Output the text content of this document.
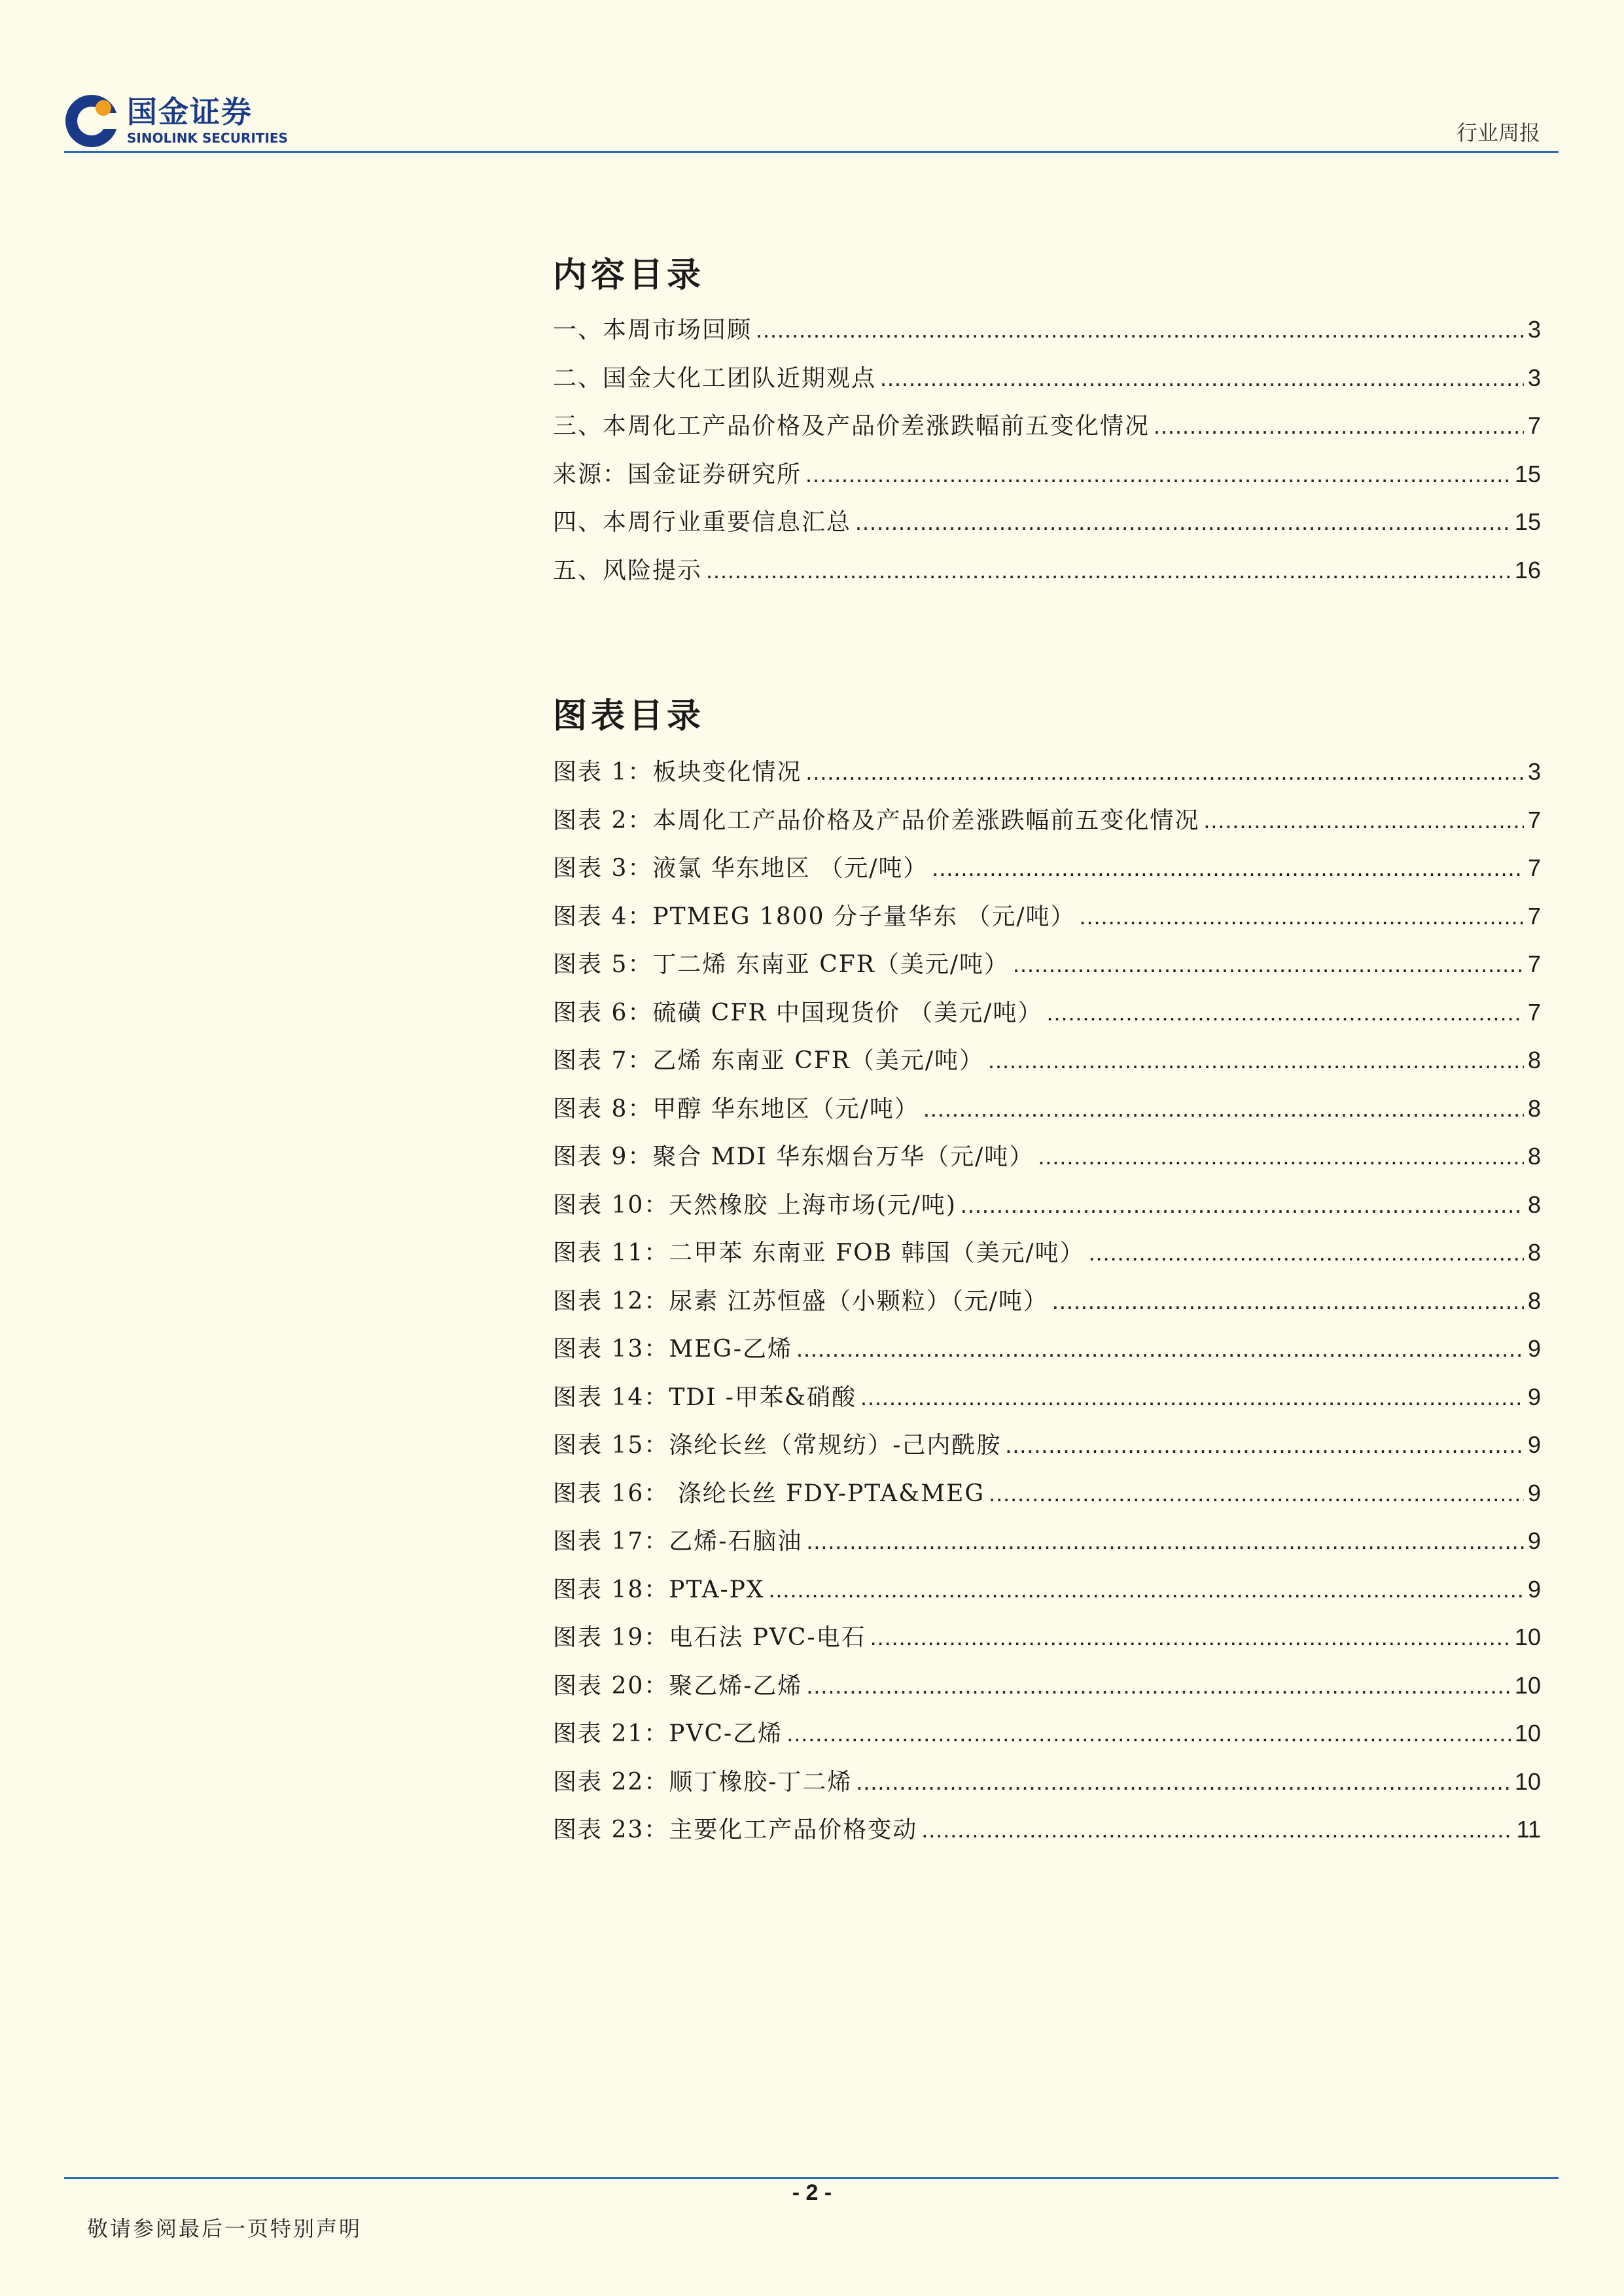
国金证券
SINOLINK SECURITIES	行业周报
内容目录
一、本周市场回顾 .....	3
二、国金大化工团队近期观点 .....	3
三、本周化工产品价格及产品价差涨跌幅前五变化情况 .....	7
来源：国金证券研究所 .....	15
四、本周行业重要信息汇总 .....	15
五、风险提示 .....	16
图表目录
图表 1：板块变化情况 .....	3
图表 2：本周化工产品价格及产品价差涨跌幅前五变化情况 .....	7
图表 3：液氯 华东地区 （元/吨） .....	7
图表 4：PTMEG 1800 分子量华东 （元/吨） .....	7
图表 5：丁二烯 东南亚 CFR（美元/吨） .....	7
图表 6：硫磺 CFR 中国现货价 （美元/吨） .....	7
图表 7：乙烯 东南亚 CFR（美元/吨） .....	8
图表 8：甲醇 华东地区（元/吨） .....	8
图表 9：聚合 MDI 华东烟台万华（元/吨） .....	8
图表 10：天然橡胶 上海市场(元/吨) .....	8
图表 11：二甲苯 东南亚 FOB 韩国（美元/吨） .....	8
图表 12：尿素 江苏恒盛（小颗粒）（元/吨） .....	8
图表 13：MEG-乙烯 .....	9
图表 14：TDI -甲苯&硝酸 .....	9
图表 15：涤纶长丝（常规纺）-己内酰胺 .....	9
图表 16： 涤纶长丝 FDY-PTA&MEG .....	9
图表 17：乙烯-石脑油 .....	9
图表 18：PTA-PX .....	9
图表 19：电石法 PVC-电石 .....	10
图表 20：聚乙烯-乙烯 .....	10
图表 21：PVC-乙烯 .....	10
图表 22：顺丁橡胶-丁二烯 .....	10
图表 23：主要化工产品价格变动 .....	11
- 2 -
敬请参阅最后一页特别声明
